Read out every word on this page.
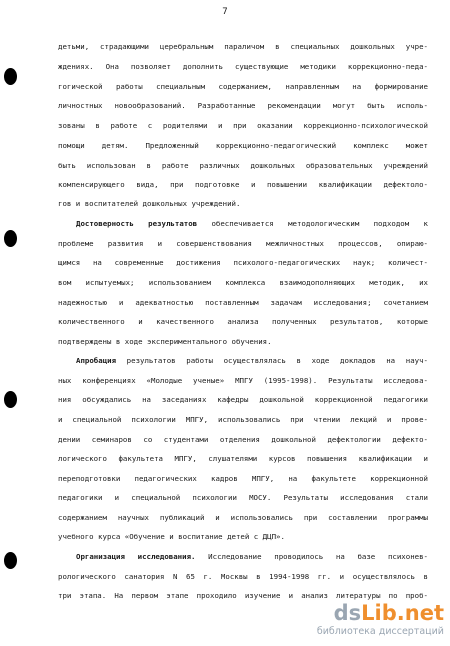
7
детьми, страдающими церебральным параличом в специальных дошкольных учре-
ждениях. Она позволяет дополнить существующие методики коррекционно-педа-
гогической работы специальным содержанием, направленным на формирование
личностных новообразований. Разработанные рекомендации могут быть исполь-
зованы в работе с родителями и при оказании коррекционно-психологической
помощи детям. Предложенный коррекционно-педагогический комплекс может
быть использован в работе различных дошкольных образовательных учреждений
компенсирующего вида, при подготовке и повышении квалификации дефектоло-
гов и воспитателей дошкольных учреждений.
Достоверность результатов обеспечивается методологическим подходом к
проблеме развития и совершенствования межличностных процессов, опираю-
щимся на современные достижения психолого-педагогических наук; количест-
вом испытуемых; использованием комплекса взаимодополняющих методик, их
надежностью и адекватностью поставленным задачам исследования; сочетанием
количественного и качественного анализа полученных результатов, которые
подтверждены в ходе экспериментального обучения.
Апробация результатов работы осуществлялась в ходе докладов на науч-
ных конференциях «Молодые ученые» МПГУ (1995-1998). Результаты исследова-
ния обсуждались на заседаниях кафедры дошкольной коррекционной педагогики
и специальной психологии МПГУ, использовались при чтении лекций и прове-
дении семинаров со студентами отделения дошкольной дефектологии дефекто-
логического факультета МПГУ, слушателями курсов повышения квалификации и
переподготовки педагогических кадров МПГУ, на факультете коррекционной
педагогики и специальной психологии МОСУ. Результаты исследования стали
содержанием научных публикаций и использовались при составлении программы
учебного курса «Обучение и воспитание детей с ДЦП».
Организация исследования. Исследование проводилось на базе психонев-
рологического санатория N 65 г. Москвы в 1994-1998 гг. и осуществлялось в
три этапа. На первом этапе проходило изучение и анализ литературы по проб-
dsLib.net
библиотека диссертаций
